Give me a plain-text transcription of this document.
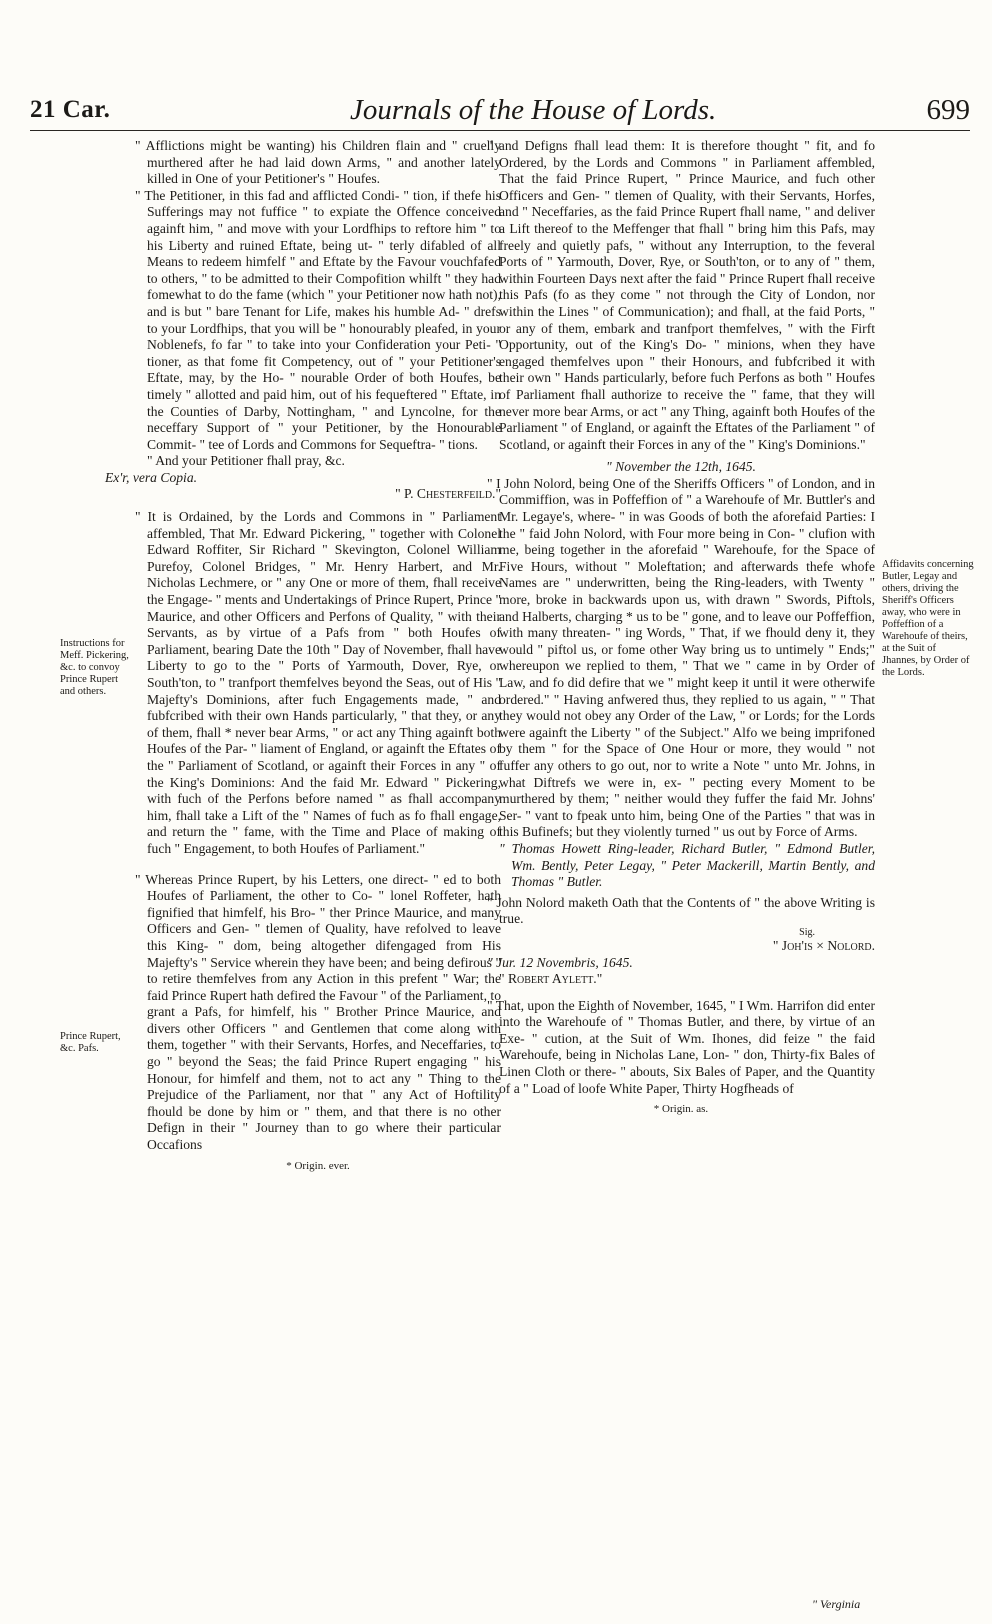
21 Car.	Journals of the House of Lords.	699
Instructions for Meff. Pickering, &c. to convoy Prince Rupert and others.
Prince Rupert, &c. Pafs.
Affidavits concerning Butler, Legay and others, driving the Sheriff's Officers away, who were in Poffeffion of a Warehoufe of theirs, at the Suit of Jhannes, by Order of the Lords.

" Afflictions might be wanting) his Children flain and " cruelly murthered after he had laid down Arms, " and another lately killed in One of your Petitioner's " Houfes.

" The Petitioner, in this fad and afflicted Condi- " tion, if thefe his Sufferings may not fuffice " to expiate the Offence conceived againft him, " and move with your Lordfhips to reftore him " to his Liberty and ruined Eftate, being ut- " terly difabled of all Means to redeem himfelf " and Eftate by the Favour vouchfafed to others, " to be admitted to their Compofition whilft " they had fomewhat to do the fame (which " your Petitioner now hath not), and is but " bare Tenant for Life, makes his humble Ad- " drefs to your Lordfhips, that you will be " honourably pleafed, in your Noblenefs, fo far " to take into your Confideration your Peti- " tioner, as that fome fit Competency, out of " your Petitioner's Eftate, may, by the Ho- " nourable Order of both Houfes, be timely " allotted and paid him, out of his fequeftered " Eftate, in the Counties of Darby, Nottingham, " and Lyncolne, for the neceffary Support of " your Petitioner, by the Honourable Commit- " tee of Lords and Commons for Sequeftra- " tions.

" And your Petitioner fhall pray, &c.

Ex'r, vera Copia.

" P. Chesterfeild."

" It is Ordained, by the Lords and Commons in " Parliament affembled, That Mr. Edward Pickering, " together with Colonel Edward Roffiter, Sir Richard " Skevington, Colonel William Purefoy, Colonel Bridges, " Mr. Henry Harbert, and Mr. Nicholas Lechmere, or " any One or more of them, fhall receive the Engage- " ments and Undertakings of Prince Rupert, Prince " Maurice, and other Officers and Perfons of Quality, " with their Servants, as by virtue of a Pafs from " both Houfes of Parliament, bearing Date the 10th " Day of November, fhall have Liberty to go to the " Ports of Yarmouth, Dover, Rye, or South'ton, to " tranfport themfelves beyond the Seas, out of His " Majefty's Dominions, after fuch Engagements made, " and fubfcribed with their own Hands particularly, " that they, or any of them, fhall * never bear Arms, " or act any Thing againft both Houfes of the Par- " liament of England, or againft the Eftates of the " Parliament of Scotland, or againft their Forces in any " of the King's Dominions: And the faid Mr. Edward " Pickering, with fuch of the Perfons before named " as fhall accompany him, fhall take a Lift of the " Names of fuch as fo fhall engage, and return the " fame, with the Time and Place of making of fuch " Engagement, to both Houfes of Parliament."

" Whereas Prince Rupert, by his Letters, one direct- " ed to both Houfes of Parliament, the other to Co- " lonel Roffeter, hath fignified that himfelf, his Bro- " ther Prince Maurice, and many Officers and Gen- " tlemen of Quality, have refolved to leave this King- " dom, being altogether difengaged from His Majefty's " Service wherein they have been; and being defirous " to retire themfelves from any Action in this prefent " War; the faid Prince Rupert hath defired the Favour " of the Parliament, to grant a Pafs, for himfelf, his " Brother Prince Maurice, and divers other Officers " and Gentlemen that come along with them, together " with their Servants, Horfes, and Neceffaries, to go " beyond the Seas; the faid Prince Rupert engaging " his Honour, for himfelf and them, not to act any " Thing to the Prejudice of the Parliament, nor that " any Act of Hoftility fhould be done by him or " them, and that there is no other Defign in their " Journey than to go where their particular Occafions

* Origin. ever.

" and Defigns fhall lead them: It is therefore thought " fit, and fo Ordered, by the Lords and Commons " in Parliament affembled, That the faid Prince Rupert, " Prince Maurice, and fuch other Officers and Gen- " tlemen of Quality, with their Servants, Horfes, and " Neceffaries, as the faid Prince Rupert fhall name, " and deliver a Lift thereof to the Meffenger that fhall " bring him this Pafs, may freely and quietly pafs, " without any Interruption, to the feveral Ports of " Yarmouth, Dover, Rye, or South'ton, or to any of " them, within Fourteen Days next after the faid " Prince Rupert fhall receive this Pafs (fo as they come " not through the City of London, nor within the Lines " of Communication); and fhall, at the faid Ports, " or any of them, embark and tranfport themfelves, " with the Firft Opportunity, out of the King's Do- " minions, when they have engaged themfelves upon " their Honours, and fubfcribed it with their own " Hands particularly, before fuch Perfons as both " Houfes of Parliament fhall authorize to receive the " fame, that they will never more bear Arms, or act " any Thing, againft both Houfes of the Parliament " of England, or againft the Eftates of the Parliament " of Scotland, or againft their Forces in any of the " King's Dominions."

" November the 12th, 1645.

" I John Nolord, being One of the Sheriffs Officers " of London, and in Commiffion, was in Poffeffion of " a Warehoufe of Mr. Buttler's and Mr. Legaye's, where- " in was Goods of both the aforefaid Parties: I the " faid John Nolord, with Four more being in Con- " clufion with me, being together in the aforefaid " Warehoufe, for the Space of Five Hours, without " Moleftation; and afterwards thefe whofe Names are " underwritten, being the Ring-leaders, with Twenty " more, broke in backwards upon us, with drawn " Swords, Piftols, and Halberts, charging * us to be " gone, and to leave our Poffeffion, with many threaten- " ing Words, " That, if we fhould deny it, they would " piftol us, or fome other Way bring us to untimely " Ends;" whereupon we replied to them, " That we " came in by Order of Law, and fo did defire that we " might keep it until it were otherwife ordered." " Having anfwered thus, they replied to us again, " " That they would not obey any Order of the Law, " or Lords; for the Lords were againft the Liberty " of the Subject." Alfo we being imprifoned by them " for the Space of One Hour or more, they would " not fuffer any others to go out, nor to write a Note " unto Mr. Johns, in what Diftrefs we were in, ex- " pecting every Moment to be murthered by them; " neither would they fuffer the faid Mr. Johns' Ser- " vant to fpeak unto him, being One of the Parties " that was in this Bufinefs; but they violently turned " us out by Force of Arms.

" Thomas Howett Ring-leader, Richard Butler, " Edmond Butler, Wm. Bently, Peter Legay, " Peter Mackerill, Martin Bently, and Thomas " Butler.

" John Nolord maketh Oath that the Contents of " the above Writing is true.

Sig.

" Joh'is × Nolord.

" Jur. 12 Novembris, 1645.

" Robert Aylett."

" That, upon the Eighth of November, 1645, " I Wm. Harrifon did enter into the Warehoufe of " Thomas Butler, and there, by virtue of an Exe- " cution, at the Suit of Wm. Ihones, did feize " the faid Warehoufe, being in Nicholas Lane, Lon- " don, Thirty-fix Bales of Linen Cloth or there- " abouts, Six Bales of Paper, and the Quantity of a " Load of loofe White Paper, Thirty Hogfheads of

* Origin. as.

" Verginia
